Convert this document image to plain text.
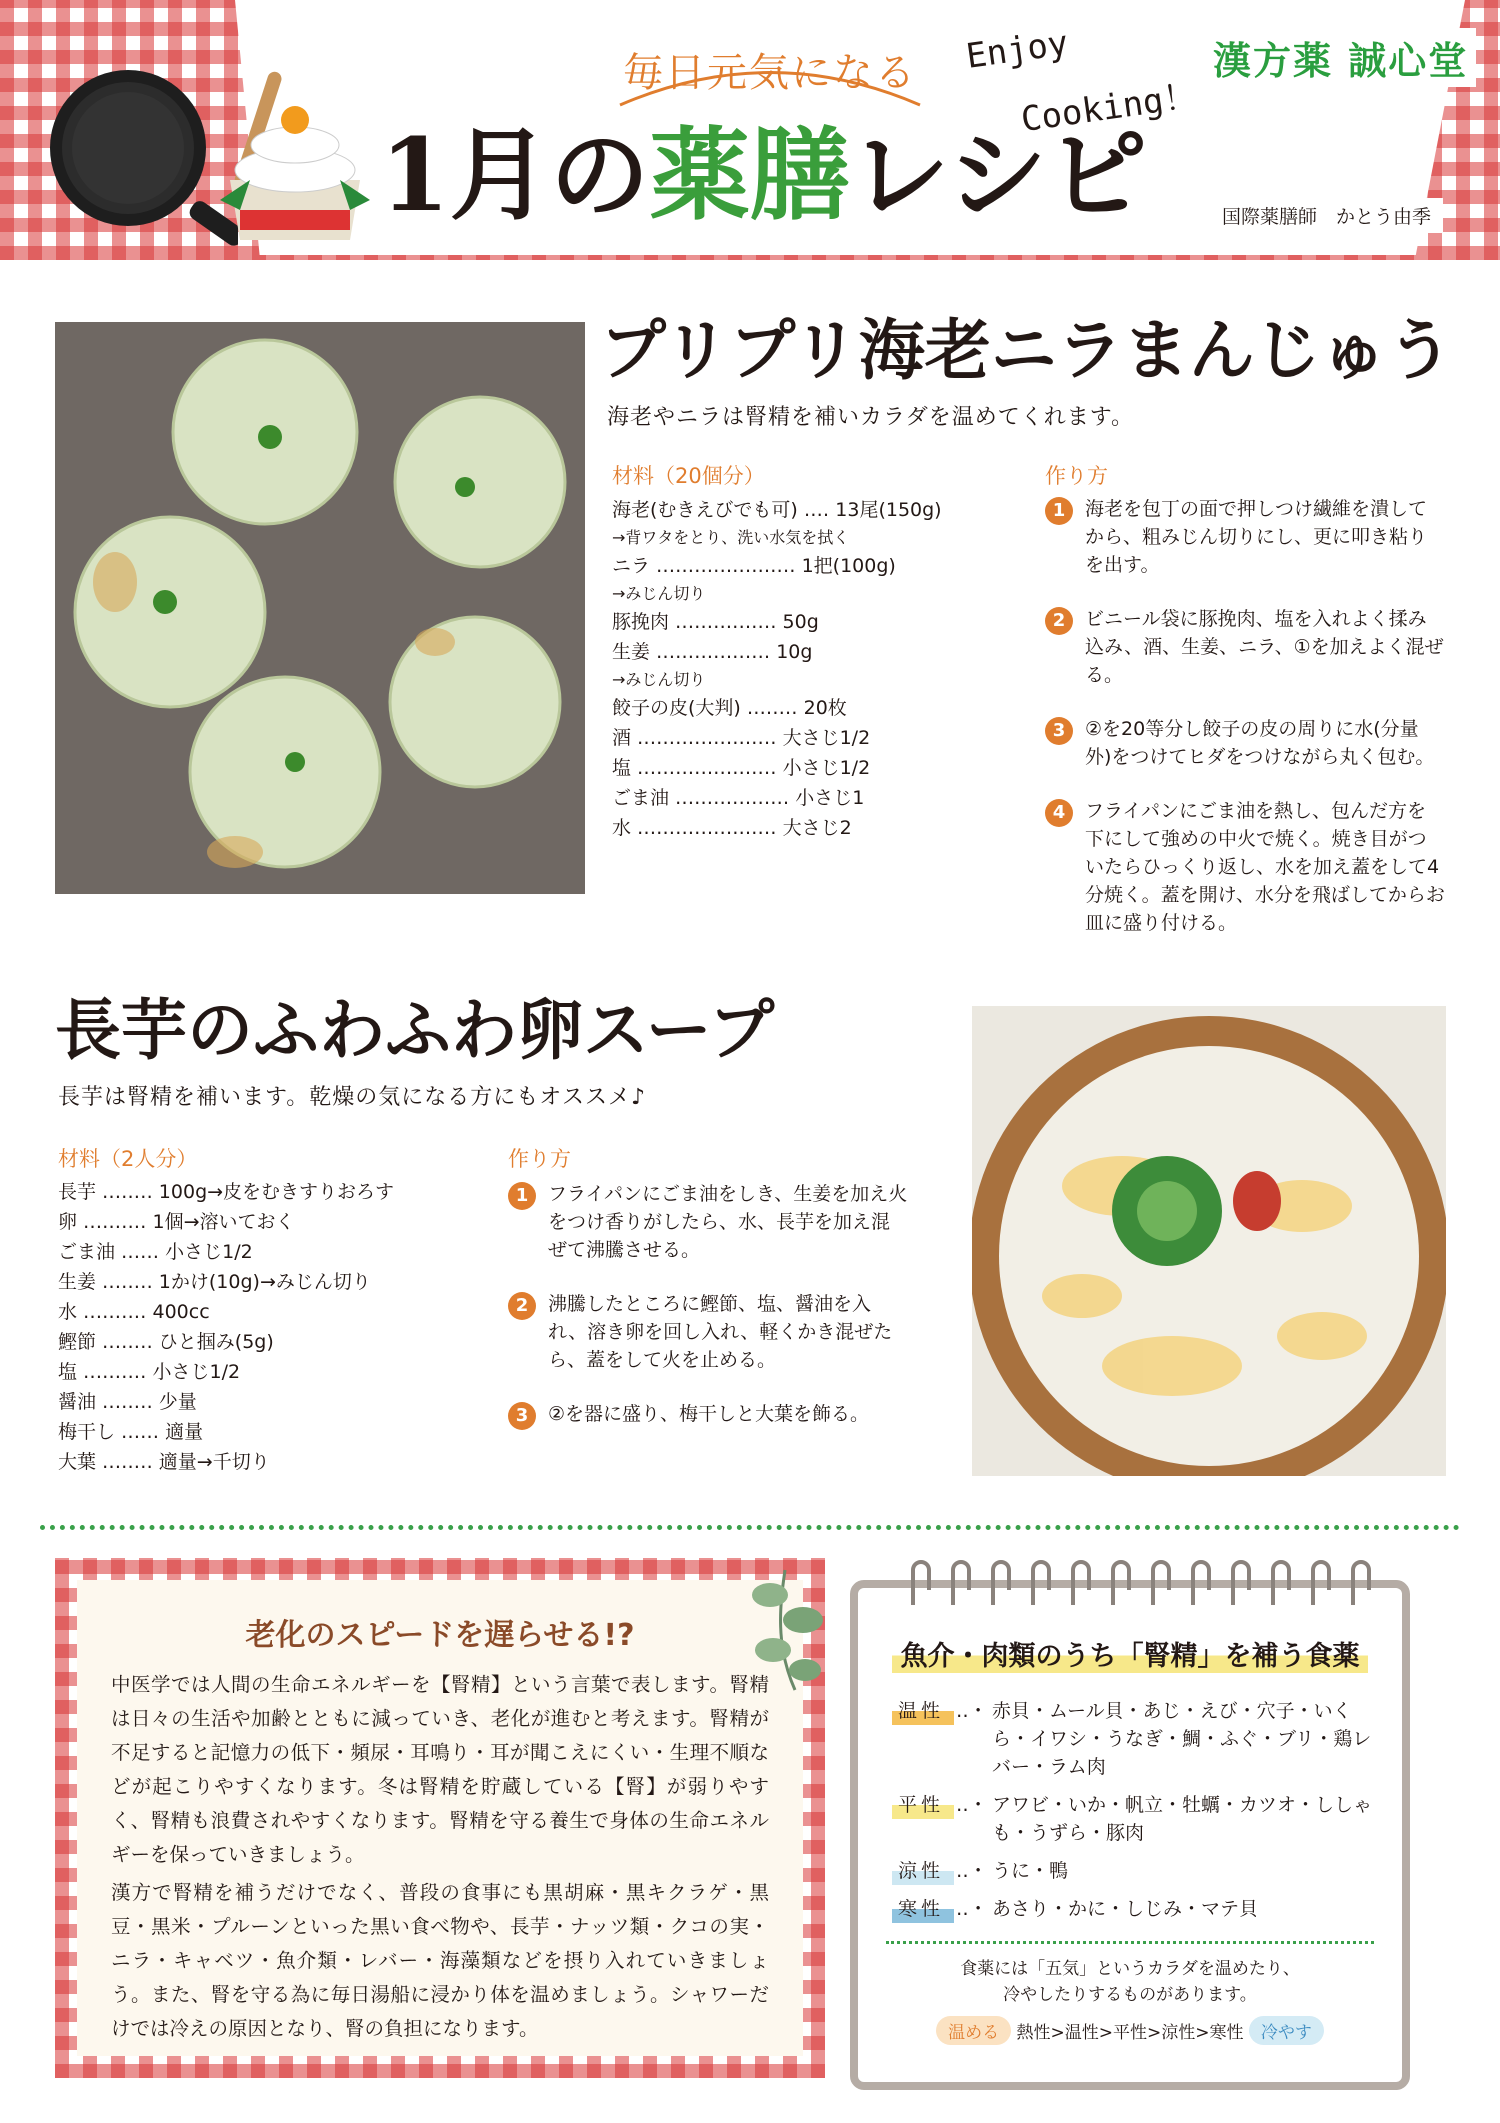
毎日元気になる Enjoy
Cooking！
漢方薬 誠心堂
1月の薬膳レシピ	国際薬膳師　かとう由季
プリプリ海老ニラまんじゅう
海老やニラは腎精を補いカラダを温めてくれます。
材料（20個分）
海老(むきえびでも可) ‥‥ 13尾(150g)
→背ワタをとり、洗い水気を拭く
ニラ ‥‥‥‥‥‥‥‥‥‥‥ 1把(100g)
→みじん切り
豚挽肉 ‥‥‥‥‥‥‥‥ 50g
生姜 ‥‥‥‥‥‥‥‥‥ 10g
→みじん切り
餃子の皮(大判) ‥‥‥‥ 20枚
酒 ‥‥‥‥‥‥‥‥‥‥‥ 大さじ1/2
塩 ‥‥‥‥‥‥‥‥‥‥‥ 小さじ1/2
ごま油 ‥‥‥‥‥‥‥‥‥ 小さじ1
水 ‥‥‥‥‥‥‥‥‥‥‥ 大さじ2
作り方
1	海老を包丁の面で押しつけ繊維を潰してから、粗みじん切りにし、更に叩き粘りを出す。
2	ビニール袋に豚挽肉、塩を入れよく揉み込み、酒、生姜、ニラ、①を加えよく混ぜる。
3	②を20等分し餃子の皮の周りに水(分量外)をつけてヒダをつけながら丸く包む。
4	フライパンにごま油を熱し、包んだ方を下にして強めの中火で焼く。焼き目がついたらひっくり返し、水を加え蓋をして4分焼く。蓋を開け、水分を飛ばしてからお皿に盛り付ける。
長芋のふわふわ卵スープ
長芋は腎精を補います。乾燥の気になる方にもオススメ♪
材料（2人分）
長芋 ‥‥‥‥ 100g→皮をむきすりおろす
卵 ‥‥‥‥‥ 1個→溶いておく
ごま油 ‥‥‥ 小さじ1/2
生姜 ‥‥‥‥ 1かけ(10g)→みじん切り
水 ‥‥‥‥‥ 400cc
鰹節 ‥‥‥‥ ひと掴み(5g)
塩 ‥‥‥‥‥ 小さじ1/2
醤油 ‥‥‥‥ 少量
梅干し ‥‥‥ 適量
大葉 ‥‥‥‥ 適量→千切り
作り方
1	フライパンにごま油をしき、生姜を加え火をつけ香りがしたら、水、長芋を加え混ぜて沸騰させる。
2	沸騰したところに鰹節、塩、醤油を入れ、溶き卵を回し入れ、軽くかき混ぜたら、蓋をして火を止める。
3	②を器に盛り、梅干しと大葉を飾る。
老化のスピードを遅らせる!?

中医学では人間の生命エネルギーを【腎精】という言葉で表します。腎精は日々の生活や加齢とともに減っていき、老化が進むと考えます。腎精が不足すると記憶力の低下・頻尿・耳鳴り・耳が聞こえにくい・生理不順などが起こりやすくなります。冬は腎精を貯蔵している【腎】が弱りやすく、腎精も浪費されやすくなります。腎精を守る養生で身体の生命エネルギーを保っていきましょう。

漢方で腎精を補うだけでなく、普段の食事にも黒胡麻・黒キクラゲ・黒豆・黒米・プルーンといった黒い食べ物や、長芋・ナッツ類・クコの実・ニラ・キャベツ・魚介類・レバー・海藻類などを摂り入れていきましょう。また、腎を守る為に毎日湯船に浸かり体を温めましょう。シャワーだけでは冷えの原因となり、腎の負担になります。

魚介・肉類のうち「腎精」を補う食薬
温性 ‥・ 赤貝・ムール貝・あじ・えび・穴子・いくら・イワシ・うなぎ・鯛・ふぐ・ブリ・鶏レバー・ラム肉
平性 ‥・ アワビ・いか・帆立・牡蠣・カツオ・ししゃも・うずら・豚肉
涼性 ‥・ うに・鴨
寒性 ‥・ あさり・かに・しじみ・マテ貝
食薬には「五気」というカラダを温めたり、
冷やしたりするものがあります。
温める 熱性>温性>平性>涼性>寒性 冷やす
